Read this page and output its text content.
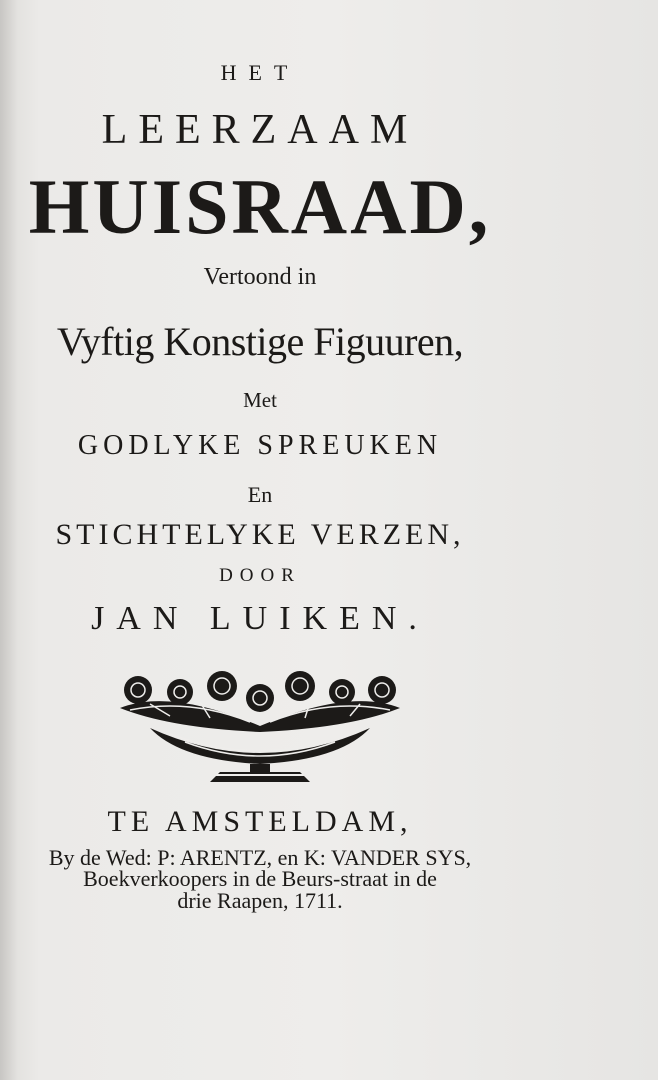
HET
LEERZAAM
HUISRAAD,
Vertoond in
Vyftig Konstige Figuuren,
Met
GODLYKE SPREUKEN
En
STICHTELYKE VERZEN,
DOOR
JAN LUIKEN.
TE AMSTELDAM,
By de Wed: P: ARENTZ, en K: VANDER SYS,
Boekverkoopers in de Beurs-straat in de
drie Raapen, 1711.
